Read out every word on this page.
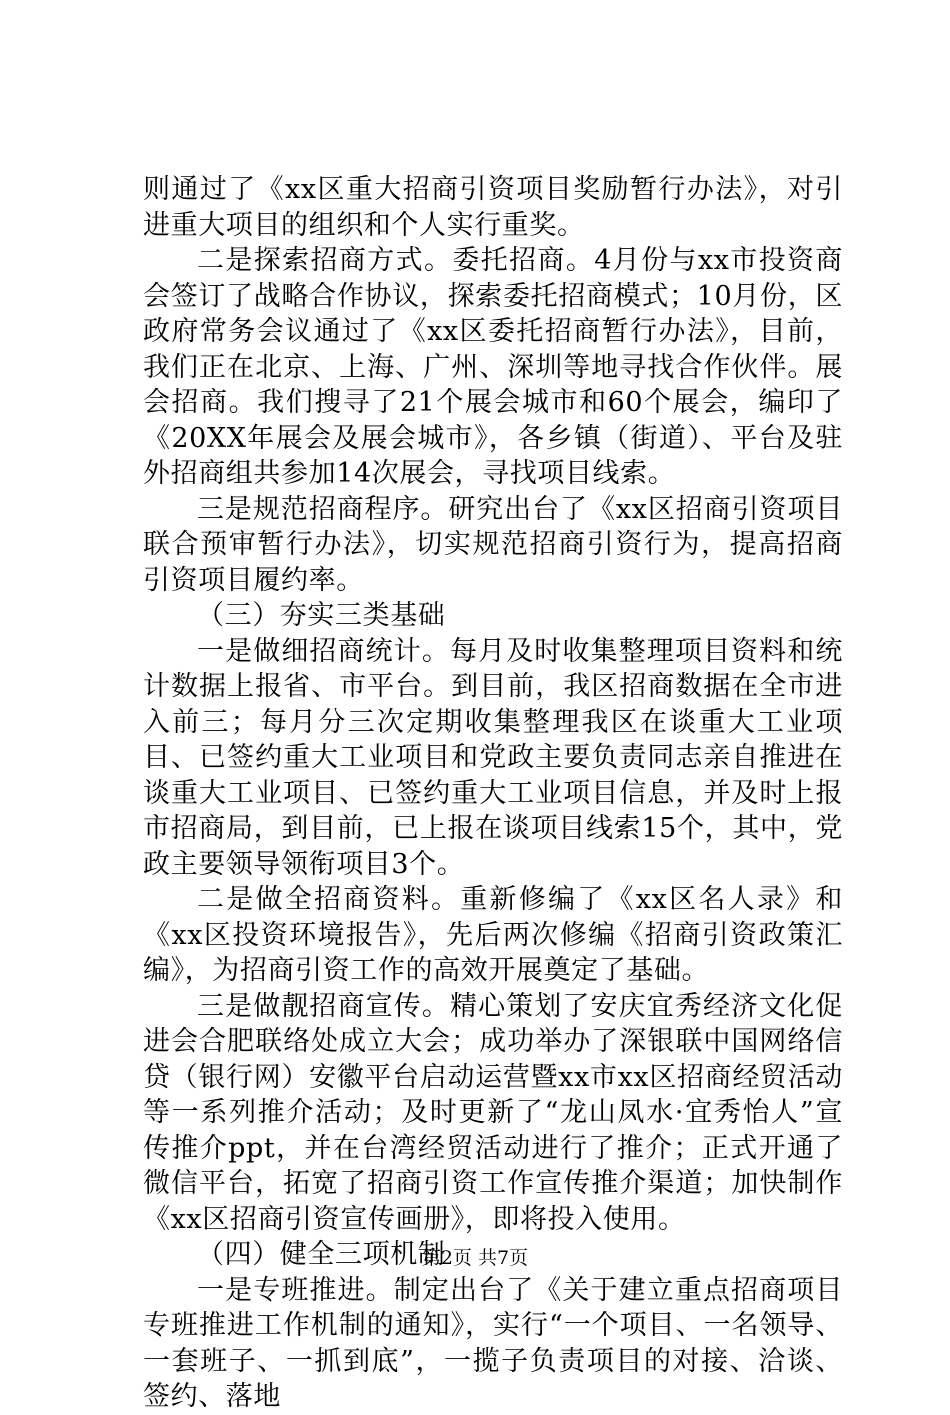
则通过了《xx区重大招商引资项目奖励暂行办法》，对引进重大项目的组织和个人实行重奖。

二是探索招商方式。委托招商。4月份与xx市投资商会签订了战略合作协议，探索委托招商模式；10月份，区政府常务会议通过了《xx区委托招商暂行办法》，目前，我们正在北京、上海、广州、深圳等地寻找合作伙伴。展会招商。我们搜寻了21个展会城市和60个展会，编印了《20XX年展会及展会城市》，各乡镇（街道）、平台及驻外招商组共参加14次展会，寻找项目线索。

三是规范招商程序。研究出台了《xx区招商引资项目联合预审暂行办法》，切实规范招商引资行为，提高招商引资项目履约率。

（三）夯实三类基础

一是做细招商统计。每月及时收集整理项目资料和统计数据上报省、市平台。到目前，我区招商数据在全市进入前三；每月分三次定期收集整理我区在谈重大工业项目、已签约重大工业项目和党政主要负责同志亲自推进在谈重大工业项目、已签约重大工业项目信息，并及时上报市招商局，到目前，已上报在谈项目线索15个，其中，党政主要领导领衔项目3个。

二是做全招商资料。重新修编了《xx区名人录》和《xx区投资环境报告》，先后两次修编《招商引资政策汇编》，为招商引资工作的高效开展奠定了基础。

三是做靓招商宣传。精心策划了安庆宜秀经济文化促进会合肥联络处成立大会；成功举办了深银联中国网络信贷（银行网）安徽平台启动运营暨xx市xx区招商经贸活动等一系列推介活动；及时更新了“龙山凤水·宜秀怡人”宣传推介ppt，并在台湾经贸活动进行了推介；正式开通了微信平台，拓宽了招商引资工作宣传推介渠道；加快制作《xx区招商引资宣传画册》，即将投入使用。

（四）健全三项机制

一是专班推进。制定出台了《关于建立重点招商项目专班推进工作机制的通知》，实行“一个项目、一名领导、一套班子、一抓到底”，一揽子负责项目的对接、洽谈、签约、落地

第2页 共7页
